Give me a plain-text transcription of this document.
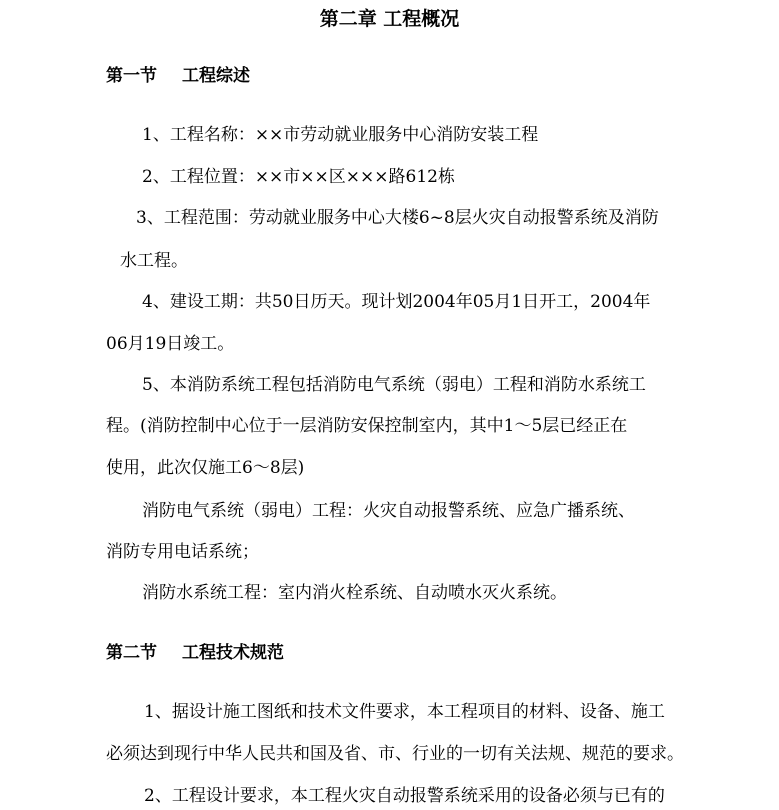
第二章 工程概况
第一节 工程综述
1、工程名称：××市劳动就业服务中心消防安装工程
2、工程位置：××市××区×××路612栋
3、工程范围：劳动就业服务中心大楼6~8层火灾自动报警系统及消防
水工程。
4、建设工期：共50日历天。现计划2004年05月1日开工，2004年
06月19日竣工。
5、本消防系统工程包括消防电气系统（弱电）工程和消防水系统工
程。(消防控制中心位于一层消防安保控制室内，其中1～5层已经正在
使用，此次仅施工6～8层)
消防电气系统（弱电）工程：火灾自动报警系统、应急广播系统、
消防专用电话系统；
消防水系统工程：室内消火栓系统、自动喷水灭火系统。
第二节 工程技术规范
1、据设计施工图纸和技术文件要求，本工程项目的材料、设备、施工
必须达到现行中华人民共和国及省、市、行业的一切有关法规、规范的要求。
2、工程设计要求，本工程火灾自动报警系统采用的设备必须与已有的
